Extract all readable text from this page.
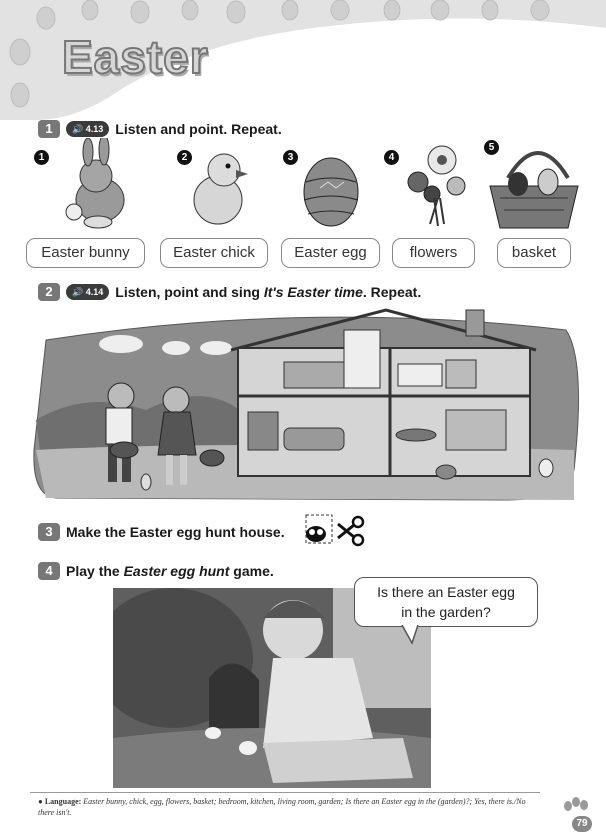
Easter
1	🔊 4.13 Listen and point. Repeat.
1	2	3	4
5
Easter bunny	Easter chick	Easter egg	flowers	basket
2	🔊 4.14 Listen, point and sing It's Easter time. Repeat.
3 Make the Easter egg hunt house.
4 Play the Easter egg hunt game.
Is there an Easter egg
in the garden?
● Language: Easter bunny, chick, egg, flowers, basket; bedroom, kitchen, living room, garden; Is there an Easter egg in the (garden)?; Yes, there is./No there isn't.
79
